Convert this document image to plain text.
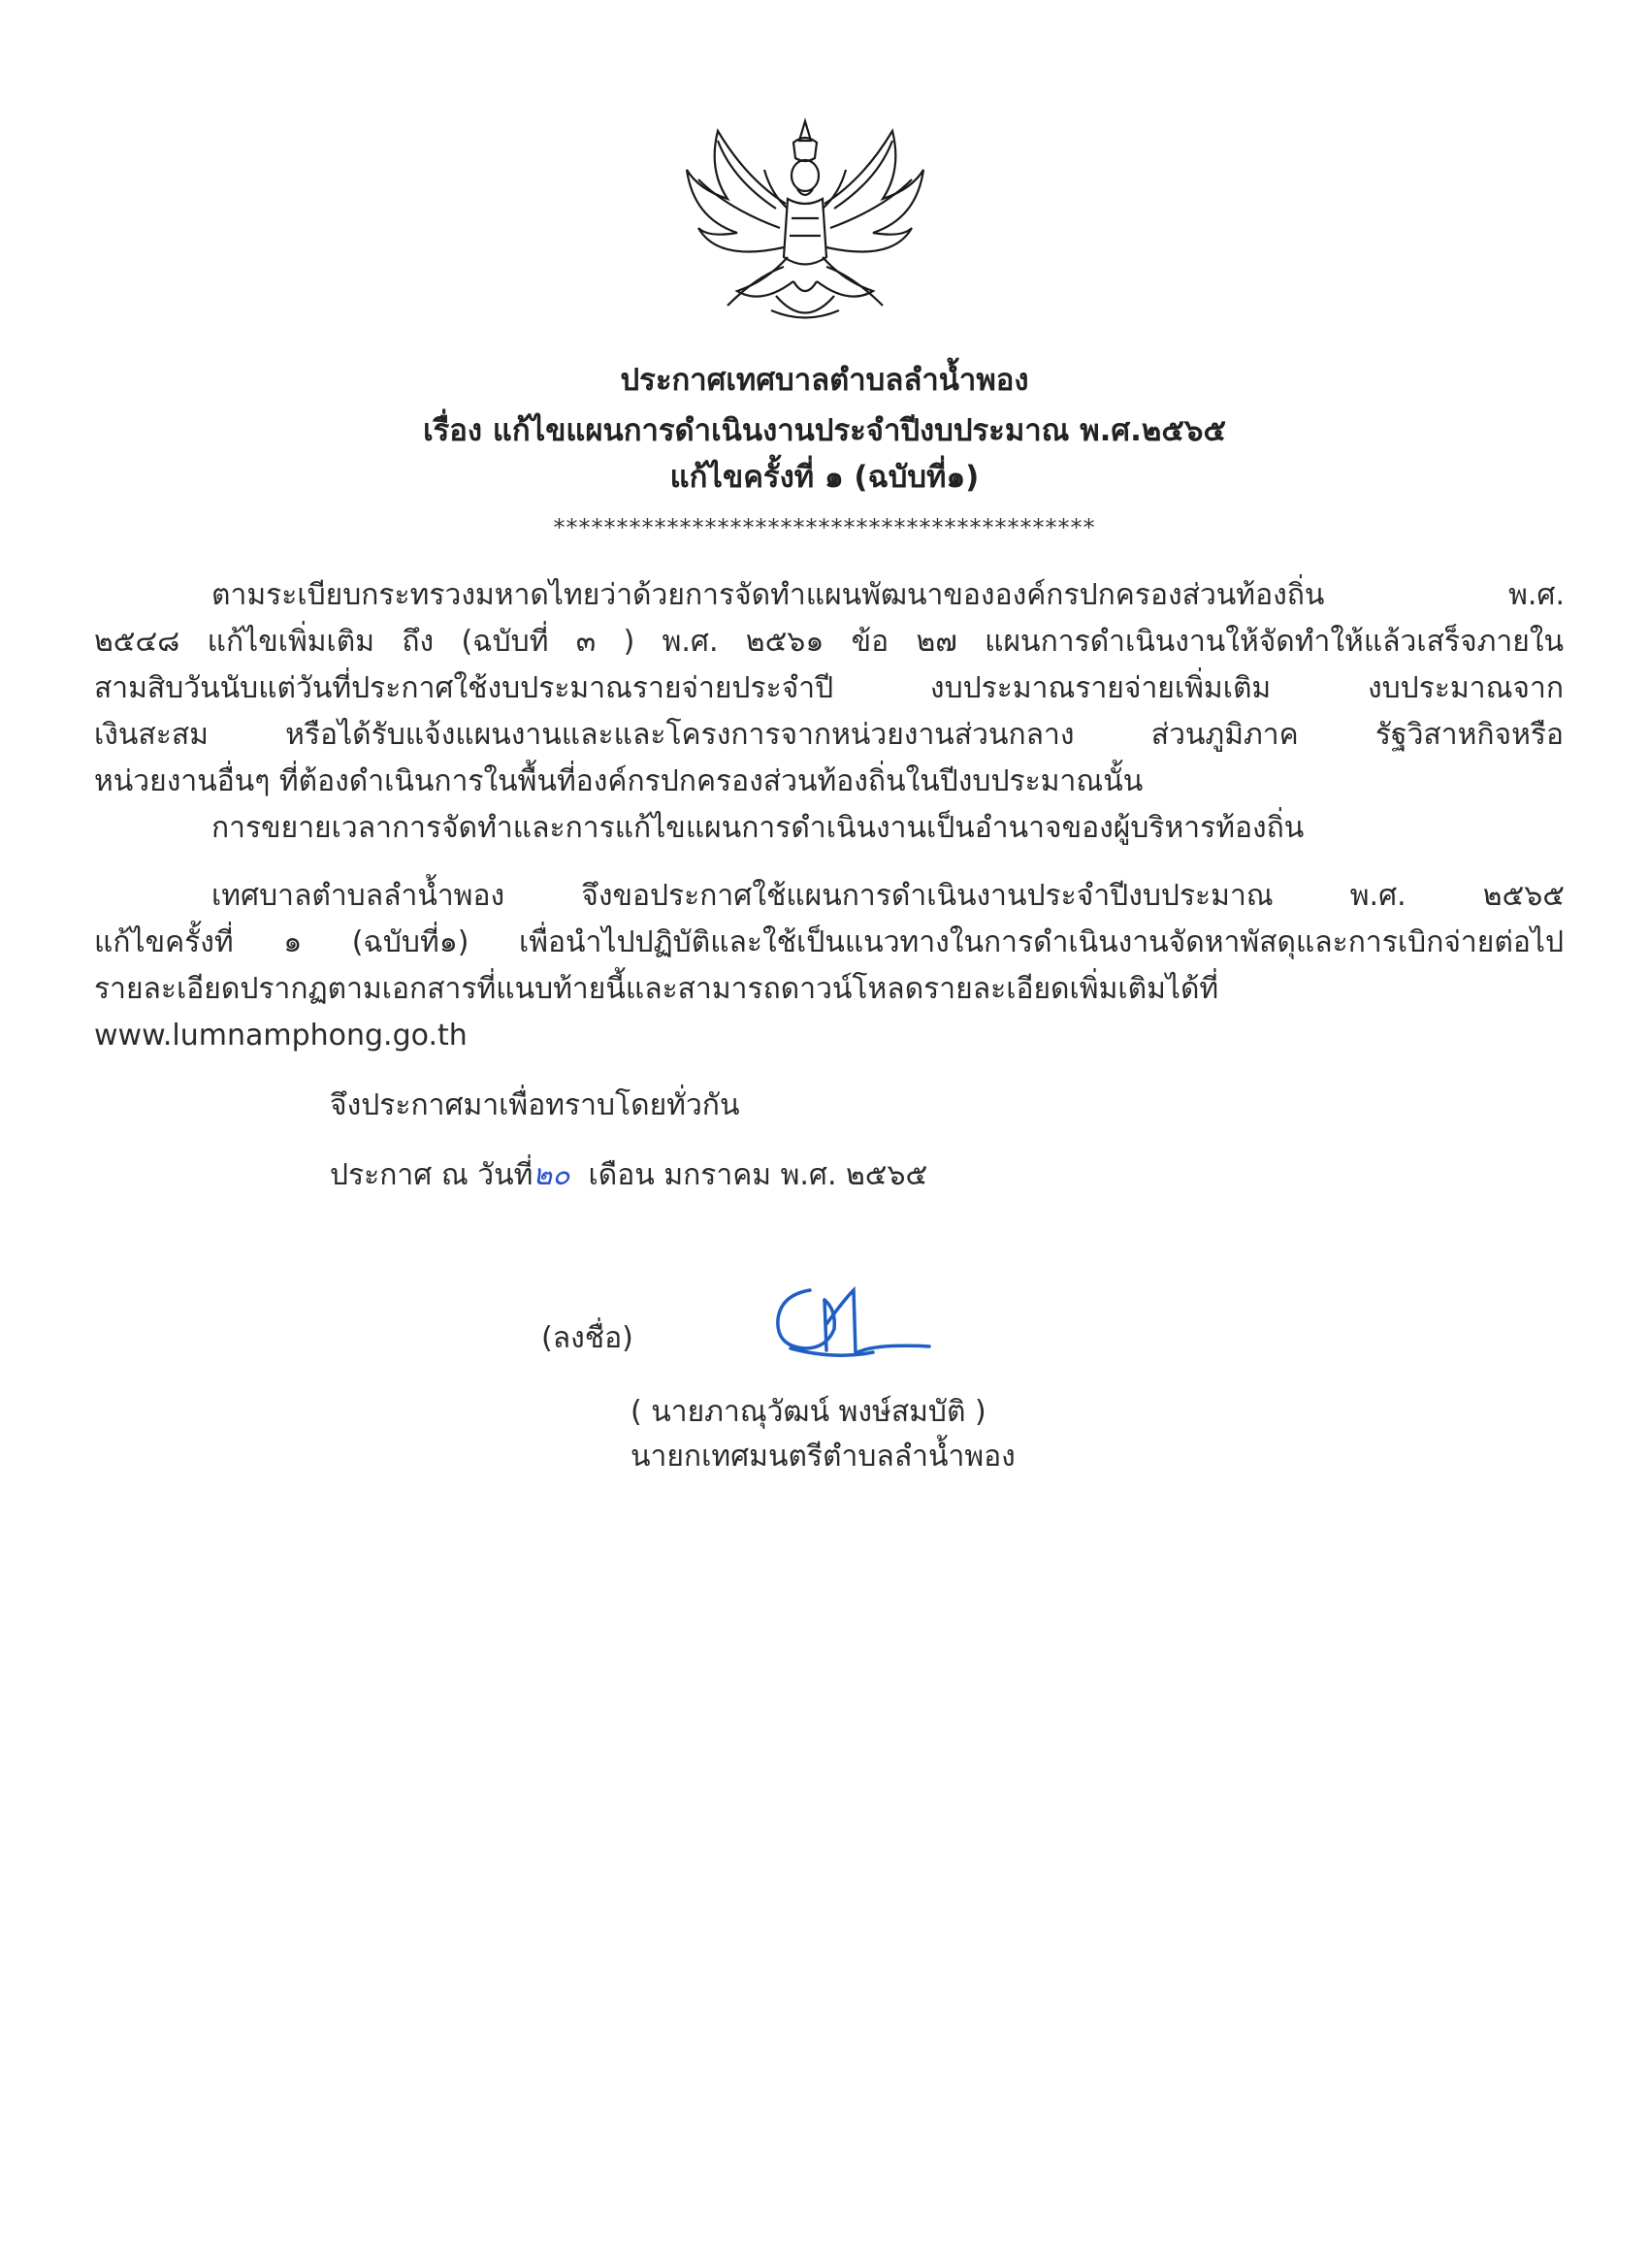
ประกาศเทศบาลตำบลลำน้ำพอง
เรื่อง แก้ไขแผนการดำเนินงานประจำปีงบประมาณ พ.ศ.๒๕๖๕
แก้ไขครั้งที่ ๑ (ฉบับที่๑)
*******************************************
ตามระเบียบกระทรวงมหาดไทยว่าด้วยการจัดทำแผนพัฒนาขององค์กรปกครองส่วนท้องถิ่น พ.ศ.
๒๕๔๘ แก้ไขเพิ่มเติม ถึง (ฉบับที่ ๓ ) พ.ศ. ๒๕๖๑ ข้อ ๒๗ แผนการดำเนินงานให้จัดทำให้แล้วเสร็จภายใน
สามสิบวันนับแต่วันที่ประกาศใช้งบประมาณรายจ่ายประจำปี งบประมาณรายจ่ายเพิ่มเติม งบประมาณจาก
เงินสะสม หรือได้รับแจ้งแผนงานและและโครงการจากหน่วยงานส่วนกลาง ส่วนภูมิภาค รัฐวิสาหกิจหรือ
หน่วยงานอื่นๆ ที่ต้องดำเนินการในพื้นที่องค์กรปกครองส่วนท้องถิ่นในปีงบประมาณนั้น
การขยายเวลาการจัดทำและการแก้ไขแผนการดำเนินงานเป็นอำนาจของผู้บริหารท้องถิ่น
เทศบาลตำบลลำน้ำพอง จึงขอประกาศใช้แผนการดำเนินงานประจำปีงบประมาณ พ.ศ. ๒๕๖๕
แก้ไขครั้งที่ ๑ (ฉบับที่๑) เพื่อนำไปปฏิบัติและใช้เป็นแนวทางในการดำเนินงานจัดหาพัสดุและการเบิกจ่ายต่อไป
รายละเอียดปรากฏตามเอกสารที่แนบท้ายนี้และสามารถดาวน์โหลดรายละเอียดเพิ่มเติมได้ที่
www.lumnamphong.go.th
จึงประกาศมาเพื่อทราบโดยทั่วกัน
ประกาศ ณ วันที่๒๐ เดือน มกราคม พ.ศ. ๒๕๖๕
(ลงชื่อ)
( นายภาณุวัฒน์ พงษ์สมบัติ )
นายกเทศมนตรีตำบลลำน้ำพอง
